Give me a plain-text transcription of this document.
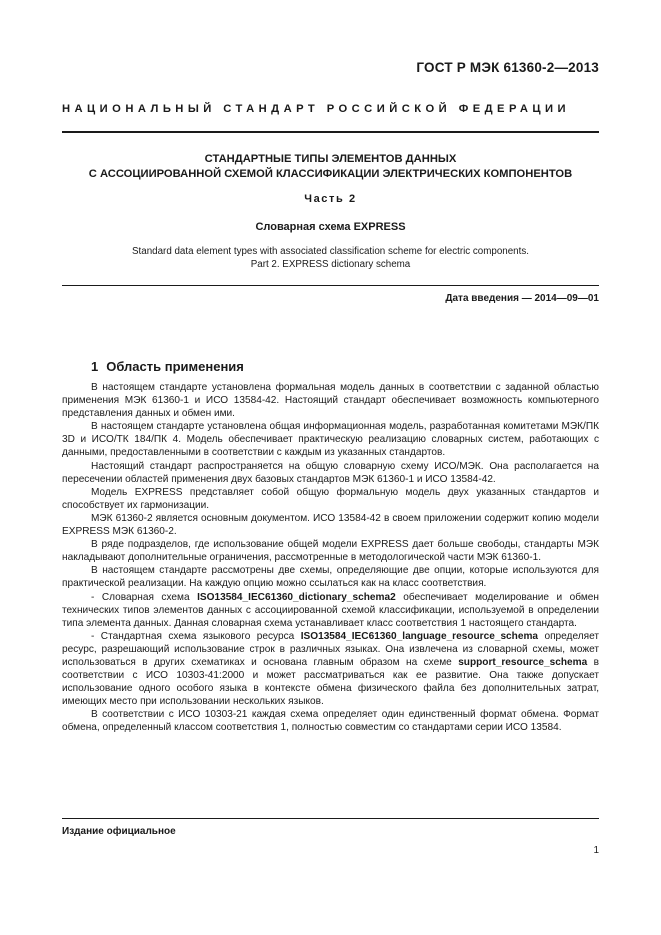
ГОСТ Р МЭК 61360-2—2013
НАЦИОНАЛЬНЫЙ СТАНДАРТ РОССИЙСКОЙ ФЕДЕРАЦИИ
СТАНДАРТНЫЕ ТИПЫ ЭЛЕМЕНТОВ ДАННЫХ
С АССОЦИИРОВАННОЙ СХЕМОЙ КЛАССИФИКАЦИИ ЭЛЕКТРИЧЕСКИХ КОМПОНЕНТОВ
Часть 2
Словарная схема EXPRESS
Standard data element types with associated classification scheme for electric components.
Part 2. EXPRESS dictionary schema
Дата введения — 2014—09—01
1 Область применения

В настоящем стандарте установлена формальная модель данных в соответствии с заданной областью применения МЭК 61360-1 и ИСО 13584-42. Настоящий стандарт обеспечивает возможность компьютерного представления данных и обмен ими.

В настоящем стандарте установлена общая информационная модель, разработанная комитетами МЭК/ПК 3D и ИСО/ТК 184/ПК 4. Модель обеспечивает практическую реализацию словарных систем, работающих с данными, предоставленными в соответствии с каждым из указанных стандартов.

Настоящий стандарт распространяется на общую словарную схему ИСО/МЭК. Она располагается на пересечении областей применения двух базовых стандартов МЭК 61360-1 и ИСО 13584-42.

Модель EXPRESS представляет собой общую формальную модель двух указанных стандартов и способствует их гармонизации.

МЭК 61360-2 является основным документом. ИСО 13584-42 в своем приложении содержит копию модели EXPRESS МЭК 61360-2.

В ряде подразделов, где использование общей модели EXPRESS дает больше свободы, стандарты МЭК накладывают дополнительные ограничения, рассмотренные в методологической части МЭК 61360-1.

В настоящем стандарте рассмотрены две схемы, определяющие две опции, которые используются для практической реализации. На каждую опцию можно ссылаться как на класс соответствия.

- Словарная схема ISO13584_IEC61360_dictionary_schema2 обеспечивает моделирование и обмен технических типов элементов данных с ассоциированной схемой классификации, используемой в определении типа элемента данных. Данная словарная схема устанавливает класс соответствия 1 настоящего стандарта.

- Стандартная схема языкового ресурса ISO13584_IEC61360_language_resource_schema определяет ресурс, разрешающий использование строк в различных языках. Она извлечена из словарной схемы, может использоваться в других схематиках и основана главным образом на схеме support_resource_schema в соответствии с ИСО 10303-41:2000 и может рассматриваться как ее развитие. Она также допускает использование одного особого языка в контексте обмена физического файла без дополнительных затрат, имеющих место при использовании нескольких языков.

В соответствии с ИСО 10303-21 каждая схема определяет один единственный формат обмена. Формат обмена, определенный классом соответствия 1, полностью совместим со стандартами серии ИСО 13584.

Издание официальное
1
